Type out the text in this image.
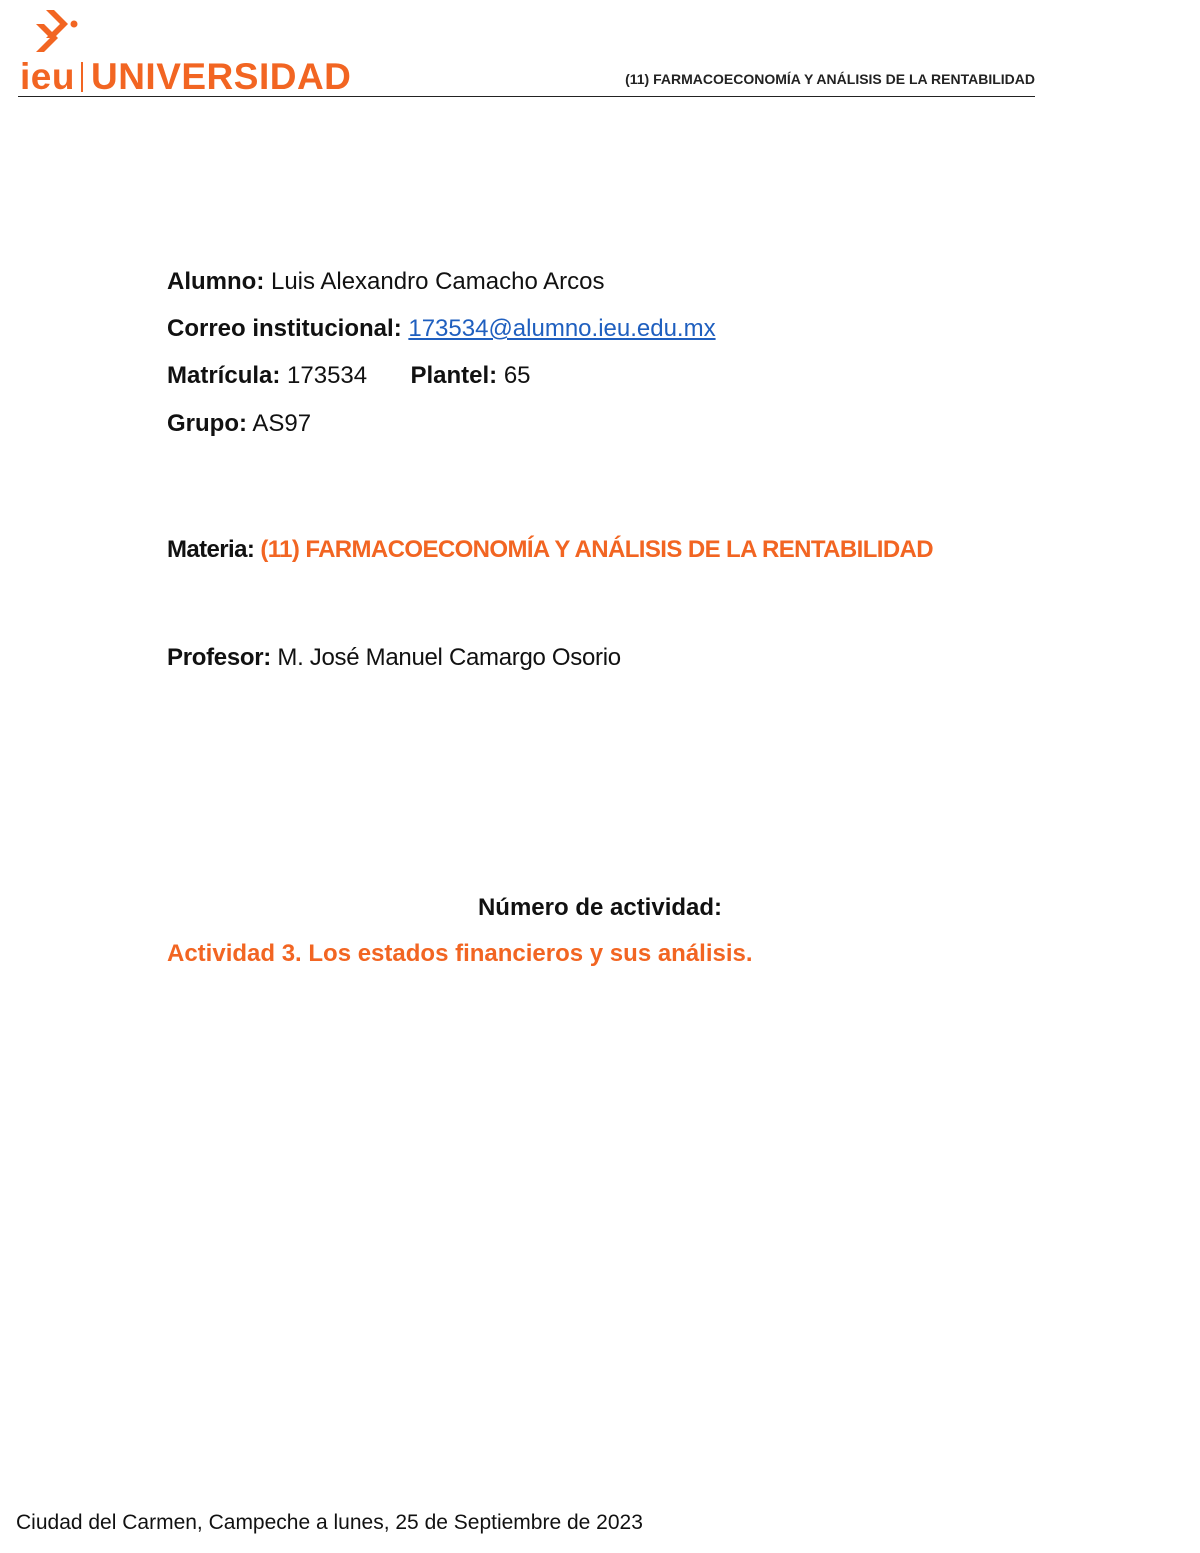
ieu UNIVERSIDAD	(11) FARMACOECONOMÍA Y ANÁLISIS DE LA RENTABILIDAD
Alumno: Luis Alexandro Camacho Arcos
Correo institucional: 173534@alumno.ieu.edu.mx
Matrícula: 173534 Plantel: 65
Grupo: AS97
Materia: (11) FARMACOECONOMÍA Y ANÁLISIS DE LA RENTABILIDAD
Profesor: M. José Manuel Camargo Osorio
Número de actividad:
Actividad 3. Los estados financieros y sus análisis.
Ciudad del Carmen, Campeche a lunes, 25 de Septiembre de 2023
